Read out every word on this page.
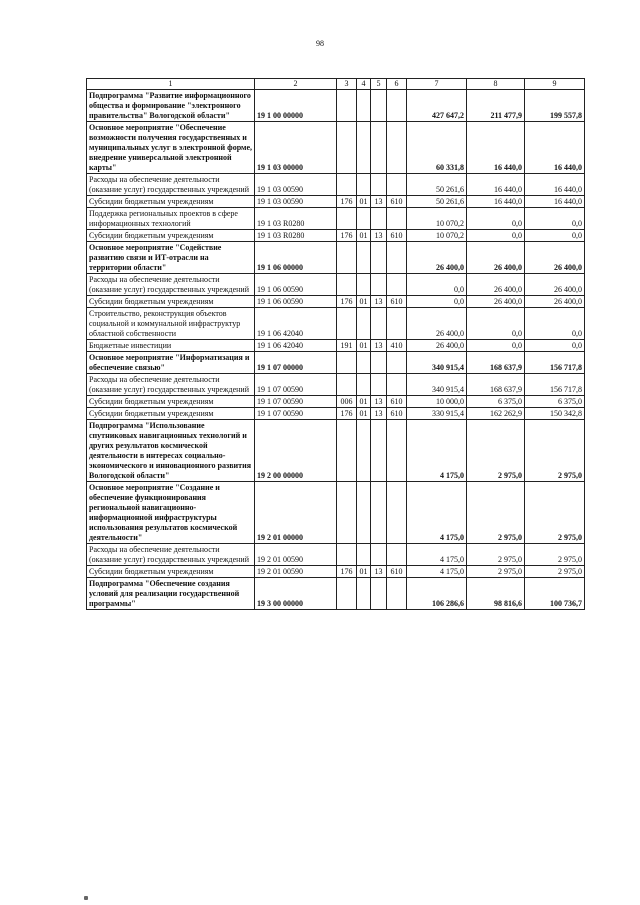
98
1	2	3	4	5	6	7	8	9
Подпрограмма "Развитие информационного общества и формирование "электронного правительства" Вологодской области"	19 1 00 00000					427 647,2	211 477,9	199 557,8
Основное мероприятие "Обеспечение возможности получения государственных и муниципальных услуг в электронной форме, внедрение универсальной электронной карты"	19 1 03 00000					60 331,8	16 440,0	16 440,0
Расходы на обеспечение деятельности (оказание услуг) государственных учреждений	19 1 03 00590					50 261,6	16 440,0	16 440,0
Субсидии бюджетным учреждениям	19 1 03 00590	176	01	13	610	50 261,6	16 440,0	16 440,0
Поддержка региональных проектов в сфере информационных технологий	19 1 03 R0280					10 070,2	0,0	0,0
Субсидии бюджетным учреждениям	19 1 03 R0280	176	01	13	610	10 070,2	0,0	0,0
Основное мероприятие "Содействие развитию связи и ИТ-отрасли на территории области"	19 1 06 00000					26 400,0	26 400,0	26 400,0
Расходы на обеспечение деятельности (оказание услуг) государственных учреждений	19 1 06 00590					0,0	26 400,0	26 400,0
Субсидии бюджетным учреждениям	19 1 06 00590	176	01	13	610	0,0	26 400,0	26 400,0
Строительство, реконструкция объектов социальной и коммунальной инфраструктур областной собственности	19 1 06 42040					26 400,0	0,0	0,0
Бюджетные инвестиции	19 1 06 42040	191	01	13	410	26 400,0	0,0	0,0
Основное мероприятие "Информатизация и обеспечение связью"	19 1 07 00000					340 915,4	168 637,9	156 717,8
Расходы на обеспечение деятельности (оказание услуг) государственных учреждений	19 1 07 00590					340 915,4	168 637,9	156 717,8
Субсидии бюджетным учреждениям	19 1 07 00590	006	01	13	610	10 000,0	6 375,0	6 375,0
Субсидии бюджетным учреждениям	19 1 07 00590	176	01	13	610	330 915,4	162 262,9	150 342,8
Подпрограмма "Использование спутниковых навигационных технологий и других результатов космической деятельности в интересах социально-экономического и инновационного развития Вологодской области"	19 2 00 00000					4 175,0	2 975,0	2 975,0
Основное мероприятие "Создание и обеспечение функционирования региональной навигационно-информационной инфраструктуры использования результатов космической деятельности"	19 2 01 00000					4 175,0	2 975,0	2 975,0
Расходы на обеспечение деятельности (оказание услуг) государственных учреждений	19 2 01 00590					4 175,0	2 975,0	2 975,0
Субсидии бюджетным учреждениям	19 2 01 00590	176	01	13	610	4 175,0	2 975,0	2 975,0
Подпрограмма "Обеспечение создания условий для реализации государственной программы"	19 3 00 00000					106 286,6	98 816,6	100 736,7
